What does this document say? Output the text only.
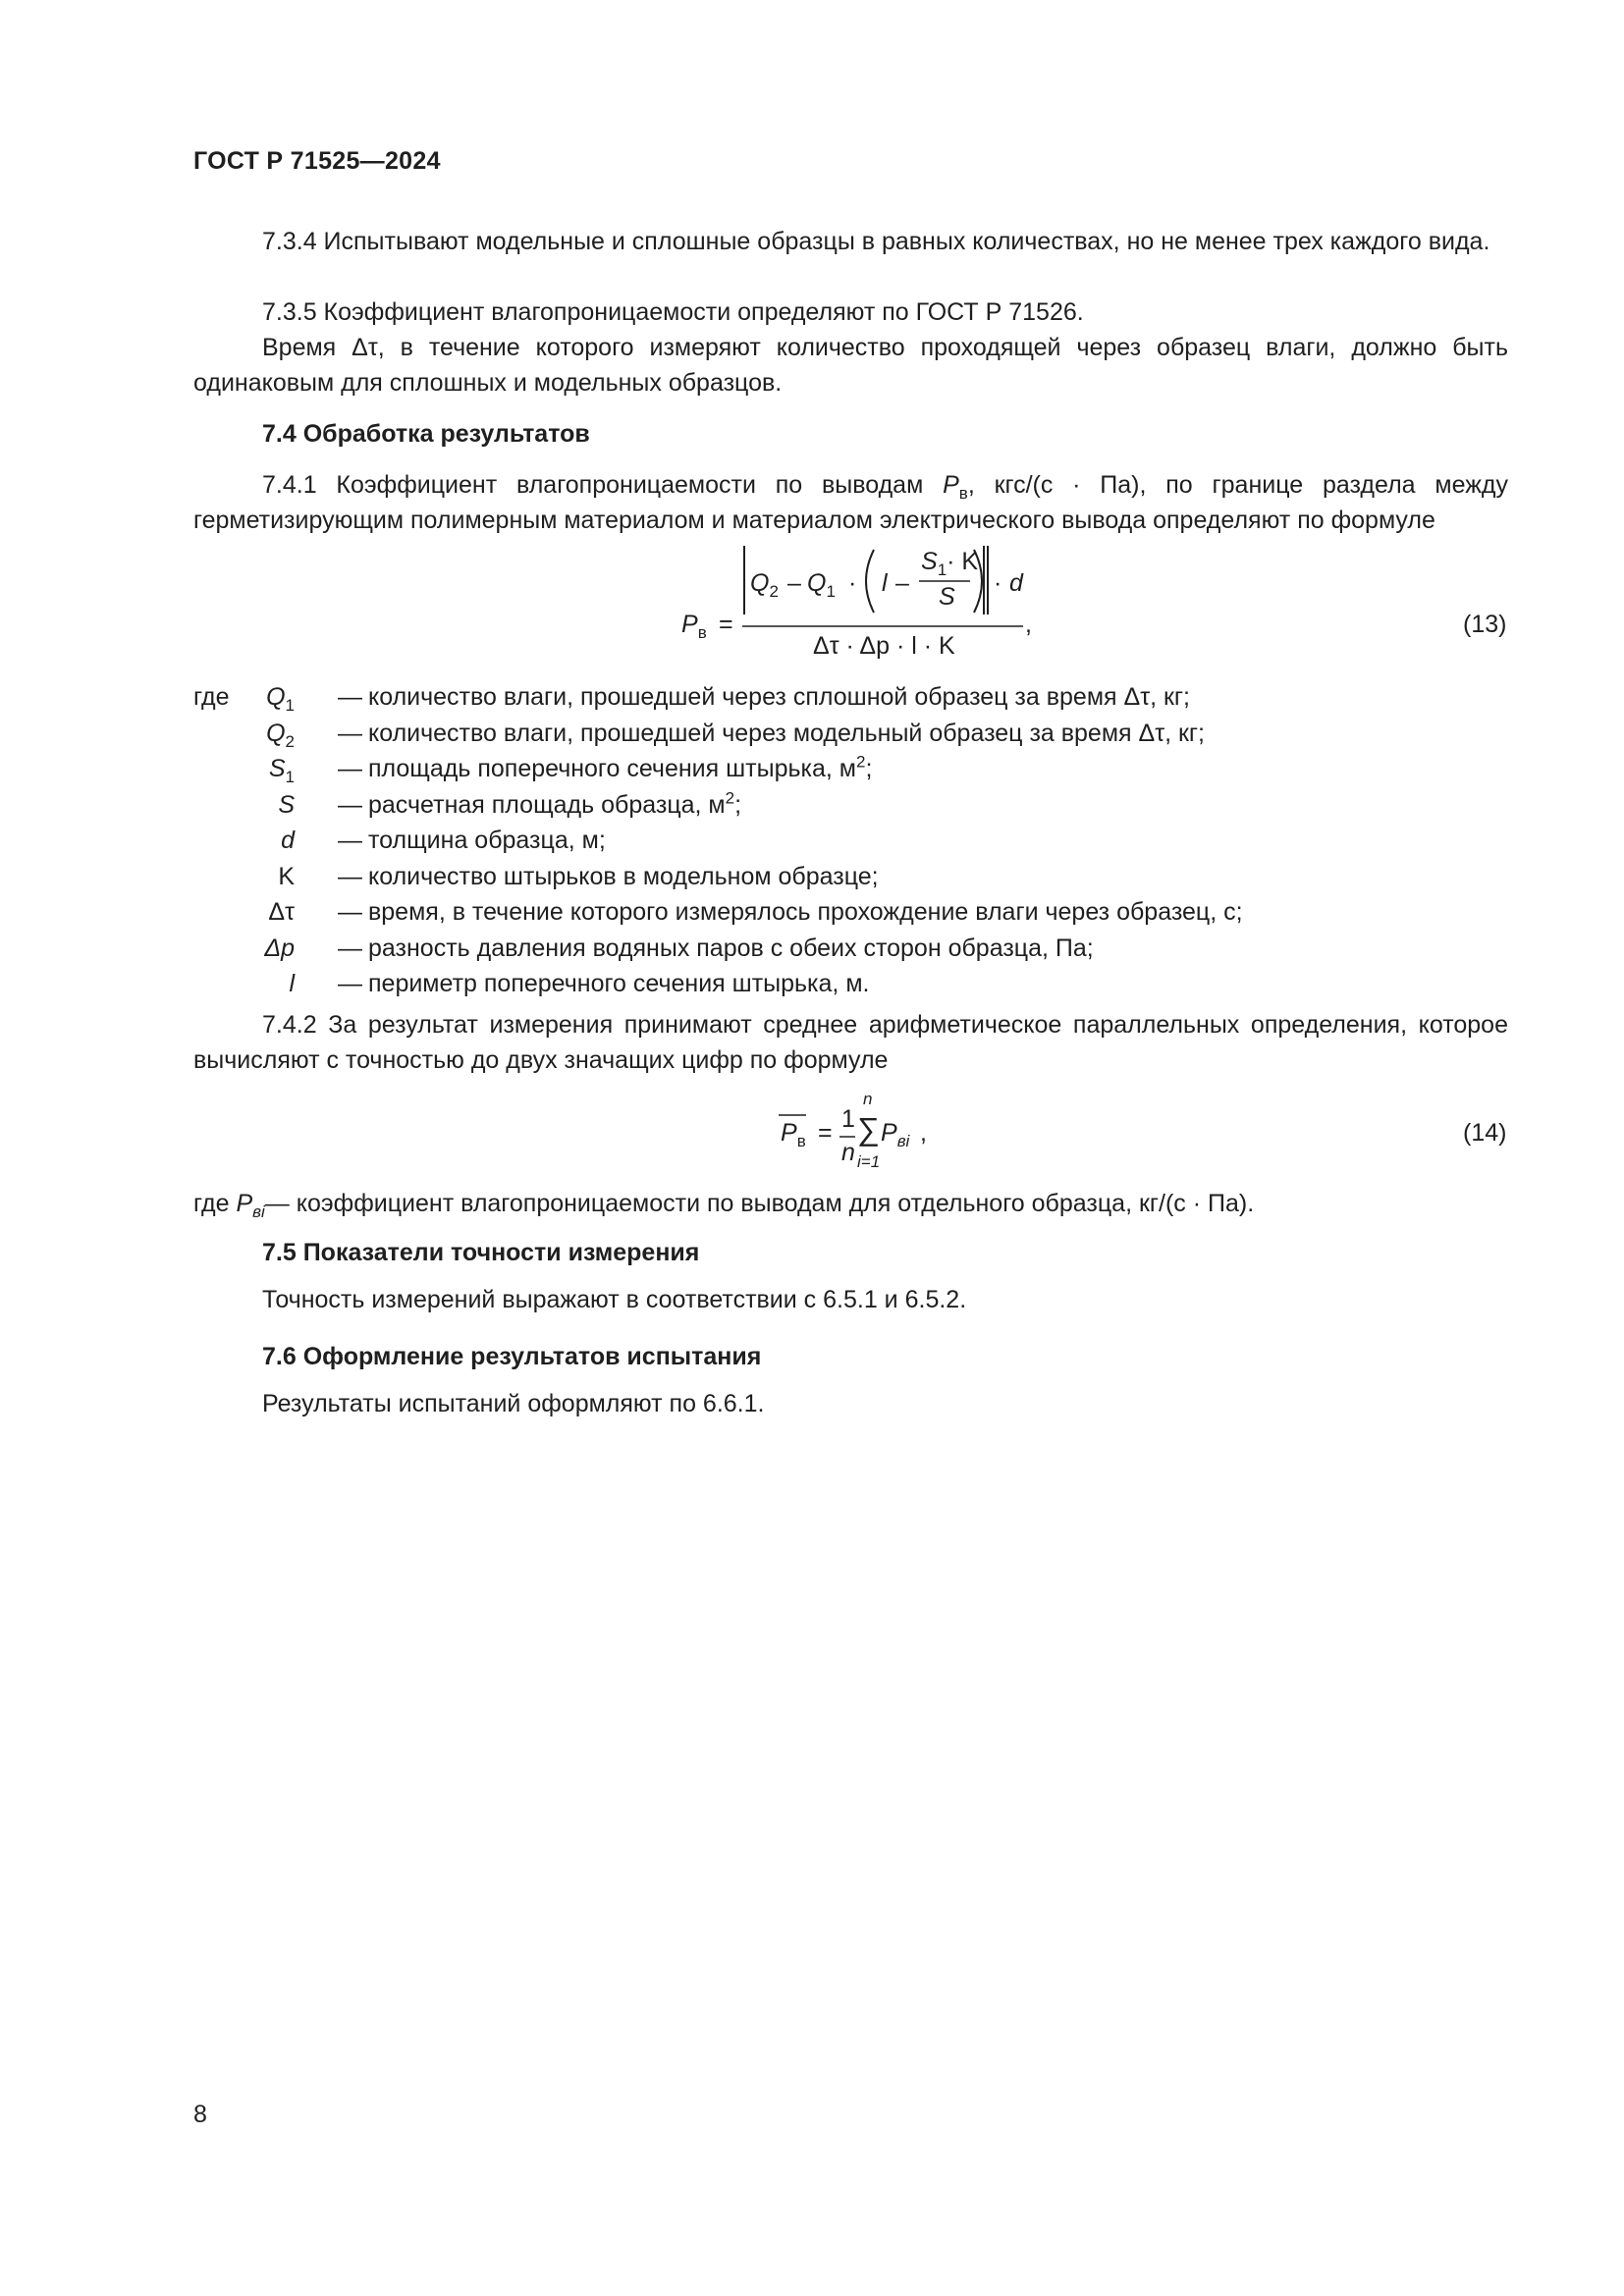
ГОСТ Р 71525—2024
7.3.4 Испытывают модельные и сплошные образцы в равных количествах, но не менее трех каждого вида.
7.3.5 Коэффициент влагопроницаемости определяют по ГОСТ Р 71526.
Время Δτ, в течение которого измеряют количество проходящей через образец влаги, должно быть одинаковым для сплошных и модельных образцов.
7.4 Обработка результатов
7.4.1 Коэффициент влагопроницаемости по выводам $P_в$, кгс/(с · Па), по границе раздела между герметизирующим полимерным материалом и материалом электрического вывода определяют по формуле
$P_в$ =
$Q_2 - Q_1 \cdot l$ –
$S_1\cdot K$
S · d
Δτ · Δp · l · K
,	(13)
где	$Q_1$ — количество влаги, прошедшей через сплошной образец за время Δτ, кг;
$Q_2$ — количество влаги, прошедшей через модельный образец за время Δτ, кг;
$S_1$ — площадь поперечного сечения штырька, $м^2$;
S — расчетная площадь образца, $м^2$;
d — толщина образца, м;
K — количество штырьков в модельном образце;
Δτ — время, в течение которого измерялось прохождение влаги через образец, с;
Δp — разность давления водяных паров с обеих сторон образца, Па;
l — периметр поперечного сечения штырька, м.
7.4.2 За результат измерения принимают среднее арифметическое параллельных определения, которое вычисляют с точностью до двух значащих цифр по формуле
$P_в = 1$
n
∑
n
i=1
$P_{вi}$ ,	(14)
где $P_{вi}—$ коэффициент влагопроницаемости по выводам для отдельного образца, кг/(с · Па).
7.5 Показатели точности измерения
Точность измерений выражают в соответствии с 6.5.1 и 6.5.2.
7.6 Оформление результатов испытания
Результаты испытаний оформляют по 6.6.1.
8
